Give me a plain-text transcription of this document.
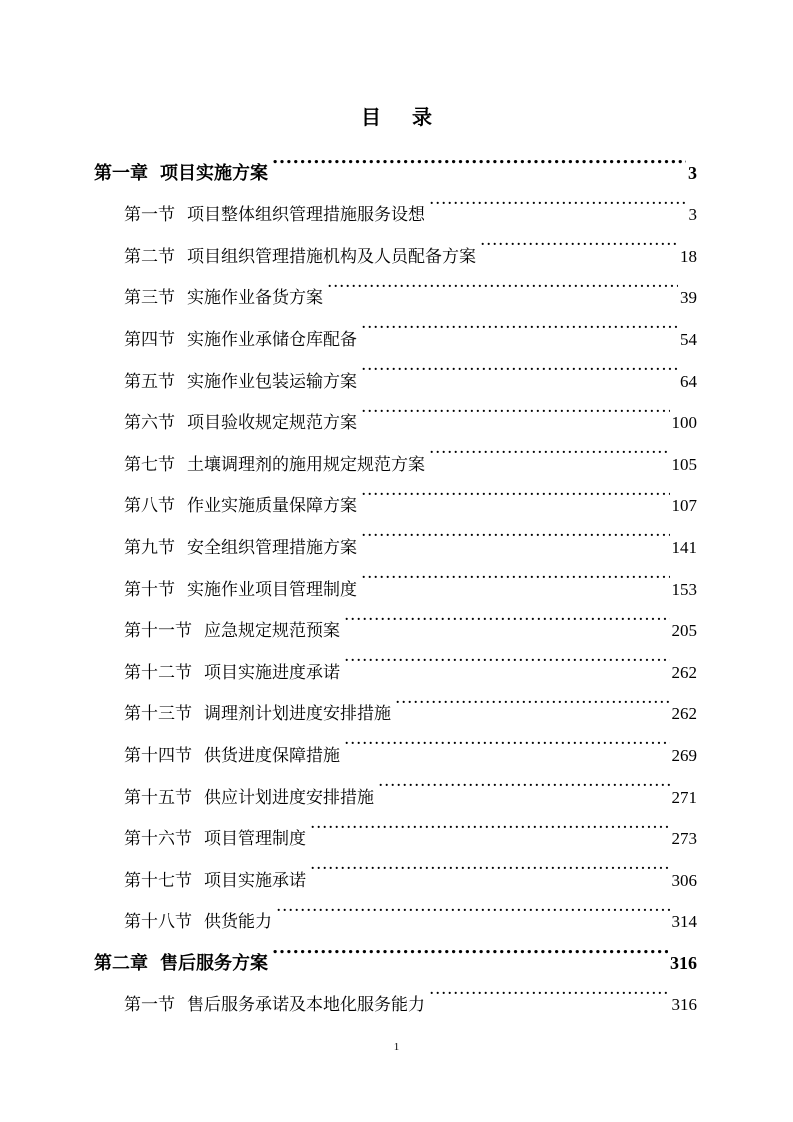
目 录
第一章 项目实施方案 .....	3
第一节 项目整体组织管理措施服务设想 .....	3
第二节 项目组织管理措施机构及人员配备方案 .....	18
第三节 实施作业备货方案 .....	39
第四节 实施作业承储仓库配备 .....	54
第五节 实施作业包装运输方案 .....	64
第六节 项目验收规定规范方案 .....	100
第七节 土壤调理剂的施用规定规范方案 .....	105
第八节 作业实施质量保障方案 .....	107
第九节 安全组织管理措施方案 .....	141
第十节 实施作业项目管理制度 .....	153
第十一节 应急规定规范预案 .....	205
第十二节 项目实施进度承诺 .....	262
第十三节 调理剂计划进度安排措施 .....	262
第十四节 供货进度保障措施 .....	269
第十五节 供应计划进度安排措施 .....	271
第十六节 项目管理制度 .....	273
第十七节 项目实施承诺 .....	306
第十八节 供货能力 .....	314
第二章 售后服务方案 .....	316
第一节 售后服务承诺及本地化服务能力 .....	316
1
